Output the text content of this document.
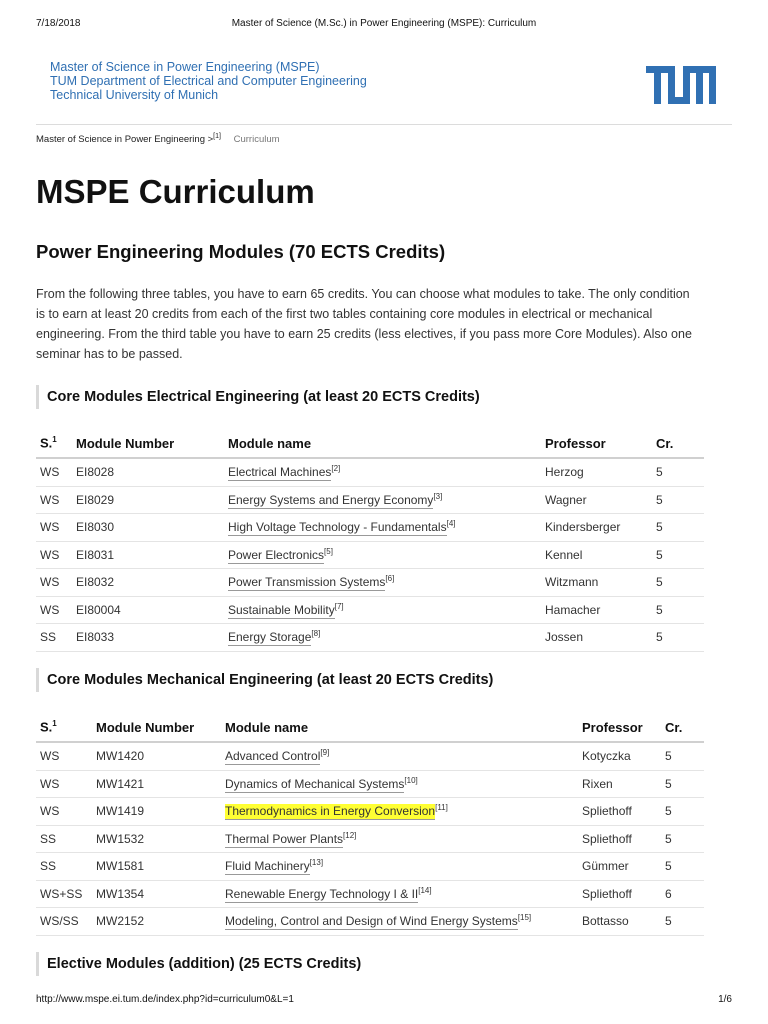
7/18/2018	Master of Science (M.Sc.) in Power Engineering (MSPE): Curriculum
Master of Science in Power Engineering (MSPE)
TUM Department of Electrical and Computer Engineering
Technical University of Munich
Master of Science in Power Engineering >[1] Curriculum
MSPE Curriculum
Power Engineering Modules (70 ECTS Credits)

From the following three tables, you have to earn 65 credits. You can choose what modules to take. The only condition is to earn at least 20 credits from each of the first two tables containing core modules in electrical or mechanical engineering. From the third table you have to earn 25 credits (less electives, if you pass more Core Modules). Also one seminar has to be passed.

Core Modules Electrical Engineering (at least 20 ECTS Credits)
S.$^1$	Module Number	Module name	Professor	Cr.
WS	EI8028	Electrical Machines[2]	Herzog	5
WS	EI8029	Energy Systems and Energy Economy[3]	Wagner	5
WS	EI8030	High Voltage Technology - Fundamentals[4]	Kindersberger	5
WS	EI8031	Power Electronics[5]	Kennel	5
WS	EI8032	Power Transmission Systems[6]	Witzmann	5
WS	EI80004	Sustainable Mobility[7]	Hamacher	5
SS	EI8033	Energy Storage[8]	Jossen	5
Core Modules Mechanical Engineering (at least 20 ECTS Credits)
S.$^1$	Module Number	Module name	Professor	Cr.
WS	MW1420	Advanced Control[9]	Kotyczka	5
WS	MW1421	Dynamics of Mechanical Systems[10]	Rixen	5
WS	MW1419	Thermodynamics in Energy Conversion[11]	Spliethoff	5
SS	MW1532	Thermal Power Plants[12]	Spliethoff	5
SS	MW1581	Fluid Machinery[13]	Gümmer	5
WS+SS	MW1354	Renewable Energy Technology I & II[14]	Spliethoff	6
WS/SS	MW2152	Modeling, Control and Design of Wind Energy Systems[15]	Bottasso	5
Elective Modules (addition) (25 ECTS Credits)
http://www.mspe.ei.tum.de/index.php?id=curriculum0&L=1	1/6
